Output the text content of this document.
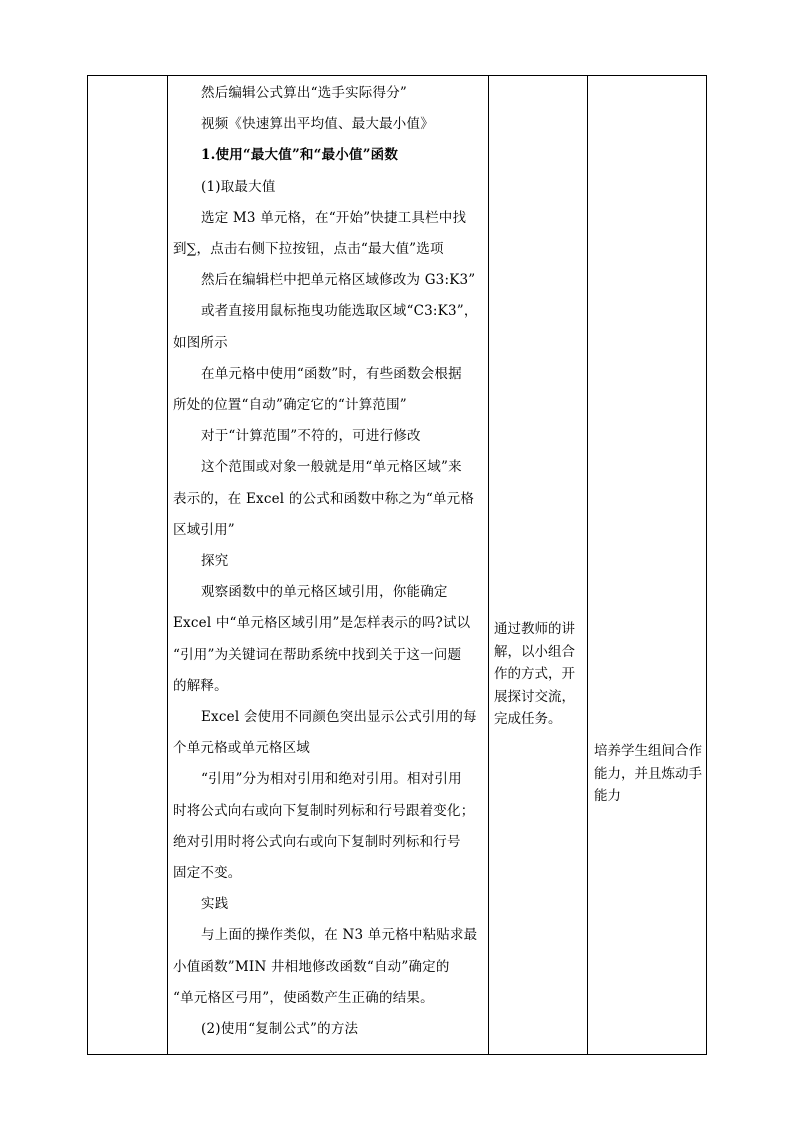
然后编辑公式算出“选手实际得分”

视频《快速算出平均值、最大最小值》

1.使用“最大值”和“最小值”函数

(1)取最大值

选定 M3 单元格，在“开始”快捷工具栏中找

到∑，点击右侧下拉按钮，点击“最大值”选项

然后在编辑栏中把单元格区域修改为 G3:K3”

或者直接用鼠标拖曳功能选取区域“C3:K3”，

如图所示

在单元格中使用“函数”时，有些函数会根据

所处的位置“自动”确定它的“计算范围”

对于“计算范围”不符的，可进行修改

这个范围或对象一般就是用“单元格区域”来

表示的，在 Excel 的公式和函数中称之为“单元格

区域引用”

探究

观察函数中的单元格区域引用，你能确定

Excel 中“单元格区域引用”是怎样表示的吗?试以

“引用”为关键词在帮助系统中找到关于这一问题

的解释。

Excel 会使用不同颜色突出显示公式引用的每

个单元格或单元格区域

“引用”分为相对引用和绝对引用。相对引用

时将公式向右或向下复制时列标和行号跟着变化；

绝对引用时将公式向右或向下复制时列标和行号

固定不变。

实践

与上面的操作类似，在 N3 单元格中粘贴求最

小值函数”MIN 井相地修改函数“自动”确定的

“单元格区弓用”，使函数产生正确的结果。

(2)使用“复制公式”的方法

通过教师的讲解，以小组合作的方式，开展探讨交流，完成任务。
培养学生组间合作能力，并且炼动手能力
